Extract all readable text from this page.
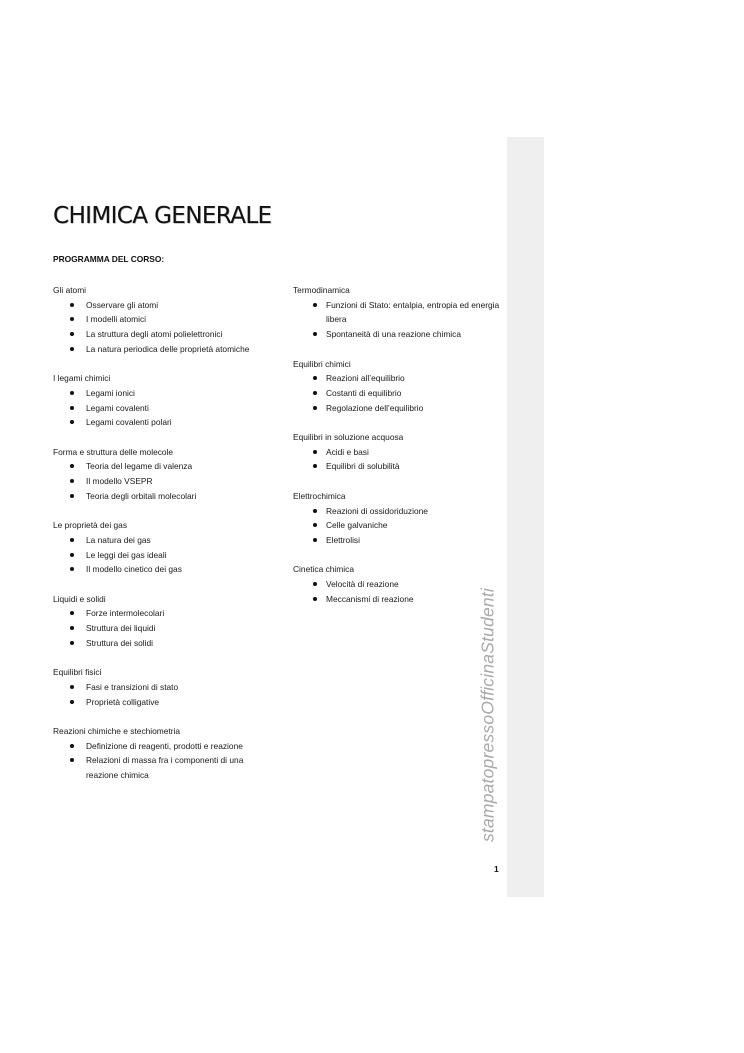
CHIMICA GENERALE
PROGRAMMA DEL CORSO:
Gli atomi
Osservare gli atomi
I modelli atomici
La struttura degli atomi polielettronici
La natura periodica delle proprietà atomiche
I legami chimici
Legami ionici
Legami covalenti
Legami covalenti polari
Forma e struttura delle molecole
Teoria del legame di valenza
Il modello VSEPR
Teoria degli orbitali molecolari
Le proprietà dei gas
La natura dei gas
Le leggi dei gas ideali
Il modello cinetico dei gas
Liquidi e solidi
Forze intermolecolari
Struttura dei liquidi
Struttura dei solidi
Equilibri fisici
Fasi e transizioni di stato
Proprietà colligative
Reazioni chimiche e stechiometria
Definizione di reagenti, prodotti e reazione
Relazioni di massa fra i componenti di una reazione chimica
Termodinamica
Funzioni di Stato: entalpia, entropia ed energia libera
Spontaneità di una reazione chimica
Equilibri chimici
Reazioni all’equilibrio
Costanti di equilibrio
Regolazione dell’equilibrio
Equilibri in soluzione acquosa
Acidi e basi
Equilibri di solubilità
Elettrochimica
Reazioni di ossidoriduzione
Celle galvaniche
Elettrolisi
Cinetica chimica
Velocità di reazione
Meccanismi di reazione	stampatopressoOfficinaStudenti
1
